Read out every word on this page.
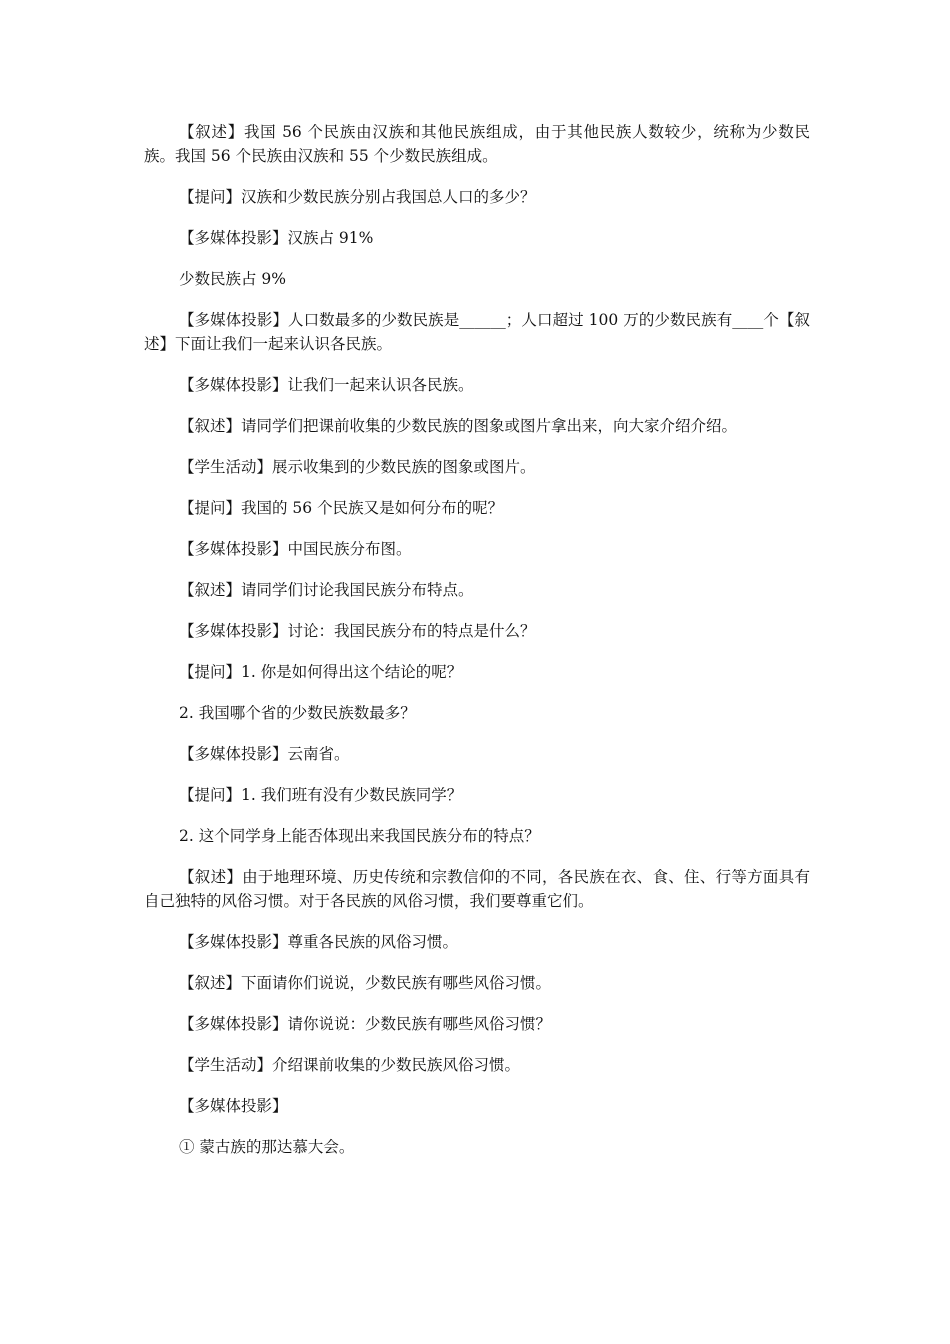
【叙述】我国 56 个民族由汉族和其他民族组成，由于其他民族人数较少，统称为少数民族。我国 56 个民族由汉族和 55 个少数民族组成。

【提问】汉族和少数民族分别占我国总人口的多少？

【多媒体投影】汉族占 91%

少数民族占 9%

【多媒体投影】人口数最多的少数民族是______；人口超过 100 万的少数民族有____个【叙述】下面让我们一起来认识各民族。

【多媒体投影】让我们一起来认识各民族。

【叙述】请同学们把课前收集的少数民族的图象或图片拿出来，向大家介绍介绍。

【学生活动】展示收集到的少数民族的图象或图片。

【提问】我国的 56 个民族又是如何分布的呢？

【多媒体投影】中国民族分布图。

【叙述】请同学们讨论我国民族分布特点。

【多媒体投影】讨论：我国民族分布的特点是什么？

【提问】1. 你是如何得出这个结论的呢？

2. 我国哪个省的少数民族数最多？

【多媒体投影】云南省。

【提问】1. 我们班有没有少数民族同学？

2. 这个同学身上能否体现出来我国民族分布的特点？

【叙述】由于地理环境、历史传统和宗教信仰的不同，各民族在衣、食、住、行等方面具有自己独特的风俗习惯。对于各民族的风俗习惯，我们要尊重它们。

【多媒体投影】尊重各民族的风俗习惯。

【叙述】下面请你们说说，少数民族有哪些风俗习惯。

【多媒体投影】请你说说：少数民族有哪些风俗习惯？

【学生活动】介绍课前收集的少数民族风俗习惯。

【多媒体投影】

① 蒙古族的那达慕大会。
